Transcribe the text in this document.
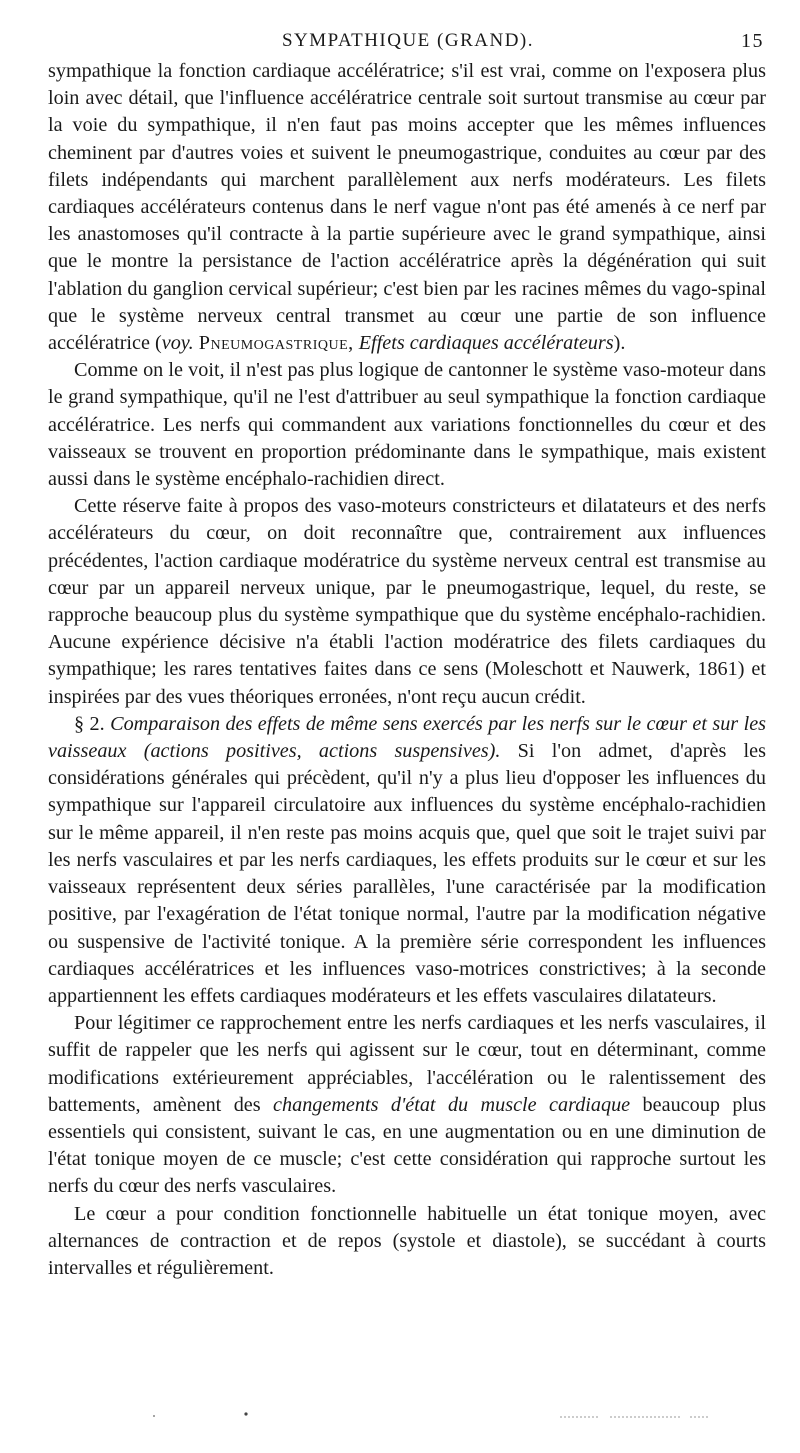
SYMPATHIQUE (GRAND).	15

sympathique la fonction cardiaque accélératrice; s'il est vrai, comme on l'exposera plus loin avec détail, que l'influence accélératrice centrale soit surtout transmise au cœur par la voie du sympathique, il n'en faut pas moins accepter que les mêmes influences cheminent par d'autres voies et suivent le pneumogastrique, conduites au cœur par des filets indépendants qui marchent parallèlement aux nerfs modérateurs. Les filets cardiaques accélérateurs contenus dans le nerf vague n'ont pas été amenés à ce nerf par les anastomoses qu'il contracte à la partie supérieure avec le grand sympathique, ainsi que le montre la persistance de l'action accélératrice après la dégénération qui suit l'ablation du ganglion cervical supérieur; c'est bien par les racines mêmes du vago-spinal que le système nerveux central transmet au cœur une partie de son influence accélératrice (voy. Pneumogastrique, Effets cardiaques accélérateurs).

Comme on le voit, il n'est pas plus logique de cantonner le système vaso-moteur dans le grand sympathique, qu'il ne l'est d'attribuer au seul sympathique la fonction cardiaque accélératrice. Les nerfs qui commandent aux variations fonctionnelles du cœur et des vaisseaux se trouvent en proportion prédominante dans le sympathique, mais existent aussi dans le système encéphalo-rachidien direct.

Cette réserve faite à propos des vaso-moteurs constricteurs et dilatateurs et des nerfs accélérateurs du cœur, on doit reconnaître que, contrairement aux influences précédentes, l'action cardiaque modératrice du système nerveux central est transmise au cœur par un appareil nerveux unique, par le pneumogastrique, lequel, du reste, se rapproche beaucoup plus du système sympathique que du système encéphalo-rachidien. Aucune expérience décisive n'a établi l'action modératrice des filets cardiaques du sympathique; les rares tentatives faites dans ce sens (Moleschott et Nauwerk, 1861) et inspirées par des vues théoriques erronées, n'ont reçu aucun crédit.

§ 2. Comparaison des effets de même sens exercés par les nerfs sur le cœur et sur les vaisseaux (actions positives, actions suspensives). Si l'on admet, d'après les considérations générales qui précèdent, qu'il n'y a plus lieu d'opposer les influences du sympathique sur l'appareil circulatoire aux influences du système encéphalo-rachidien sur le même appareil, il n'en reste pas moins acquis que, quel que soit le trajet suivi par les nerfs vasculaires et par les nerfs cardiaques, les effets produits sur le cœur et sur les vaisseaux représentent deux séries parallèles, l'une caractérisée par la modification positive, par l'exagération de l'état tonique normal, l'autre par la modification négative ou suspensive de l'activité tonique. A la première série correspondent les influences cardiaques accélératrices et les influences vaso-motrices constrictives; à la seconde appartiennent les effets cardiaques modérateurs et les effets vasculaires dilatateurs.

Pour légitimer ce rapprochement entre les nerfs cardiaques et les nerfs vasculaires, il suffit de rappeler que les nerfs qui agissent sur le cœur, tout en déterminant, comme modifications extérieurement appréciables, l'accélération ou le ralentissement des battements, amènent des changements d'état du muscle cardiaque beaucoup plus essentiels qui consistent, suivant le cas, en une augmentation ou en une diminution de l'état tonique moyen de ce muscle; c'est cette considération qui rapproche surtout les nerfs du cœur des nerfs vasculaires.

Le cœur a pour condition fonctionnelle habituelle un état tonique moyen, avec alternances de contraction et de repos (systole et diastole), se succédant à courts intervalles et régulièrement.
